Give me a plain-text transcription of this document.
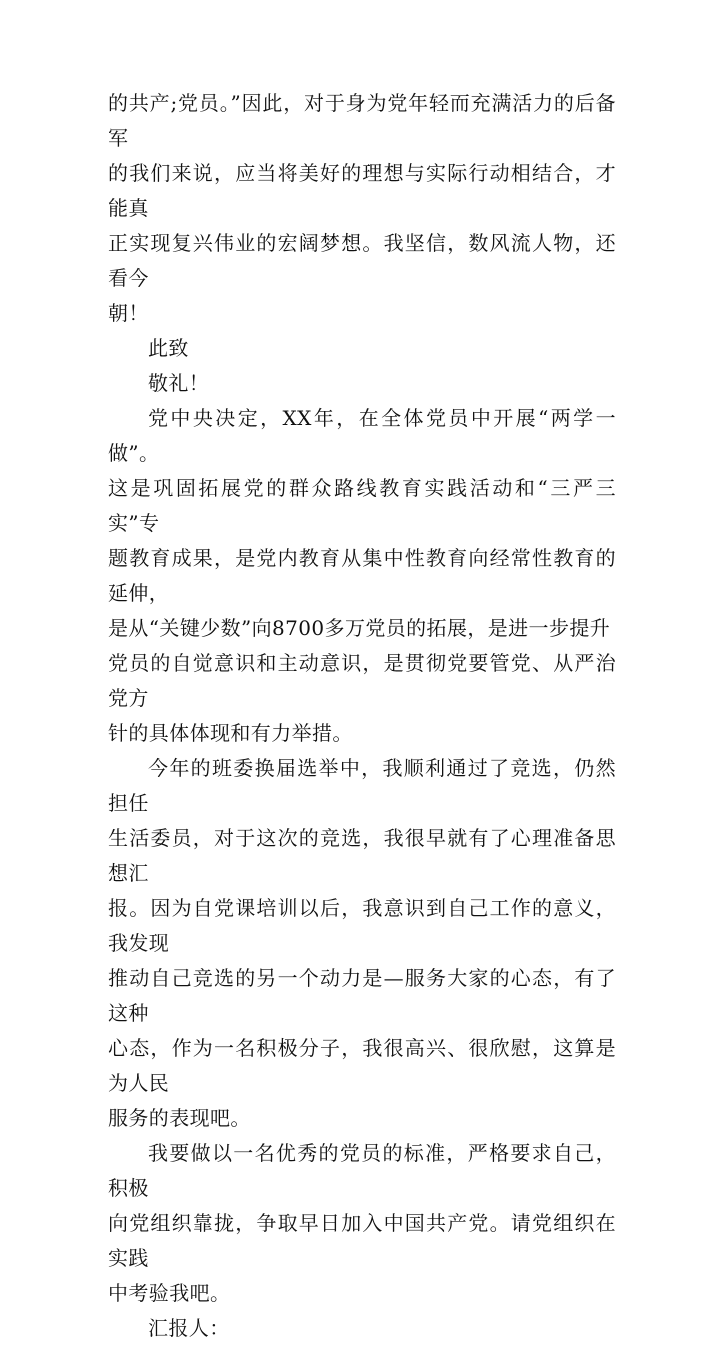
的共产;党员。”因此，对于身为党年轻而充满活力的后备军
的我们来说，应当将美好的理想与实际行动相结合，才能真
正实现复兴伟业的宏阔梦想。我坚信，数风流人物，还看今
朝！

此致

敬礼！

党中央决定，XX年，在全体党员中开展“两学一做”。
这是巩固拓展党的群众路线教育实践活动和“三严三实”专
题教育成果，是党内教育从集中性教育向经常性教育的延伸，
是从“关键少数”向8700多万党员的拓展，是进一步提升
党员的自觉意识和主动意识，是贯彻党要管党、从严治党方
针的具体体现和有力举措。

今年的班委换届选举中，我顺利通过了竞选，仍然担任
生活委员，对于这次的竞选，我很早就有了心理准备思想汇
报。因为自党课培训以后，我意识到自己工作的意义，我发现
推动自己竞选的另一个动力是—服务大家的心态，有了这种
心态，作为一名积极分子，我很高兴、很欣慰，这算是为人民
服务的表现吧。

我要做以一名优秀的党员的标准，严格要求自己，积极
向党组织靠拢，争取早日加入中国共产党。请党组织在实践
中考验我吧。

汇报人：
